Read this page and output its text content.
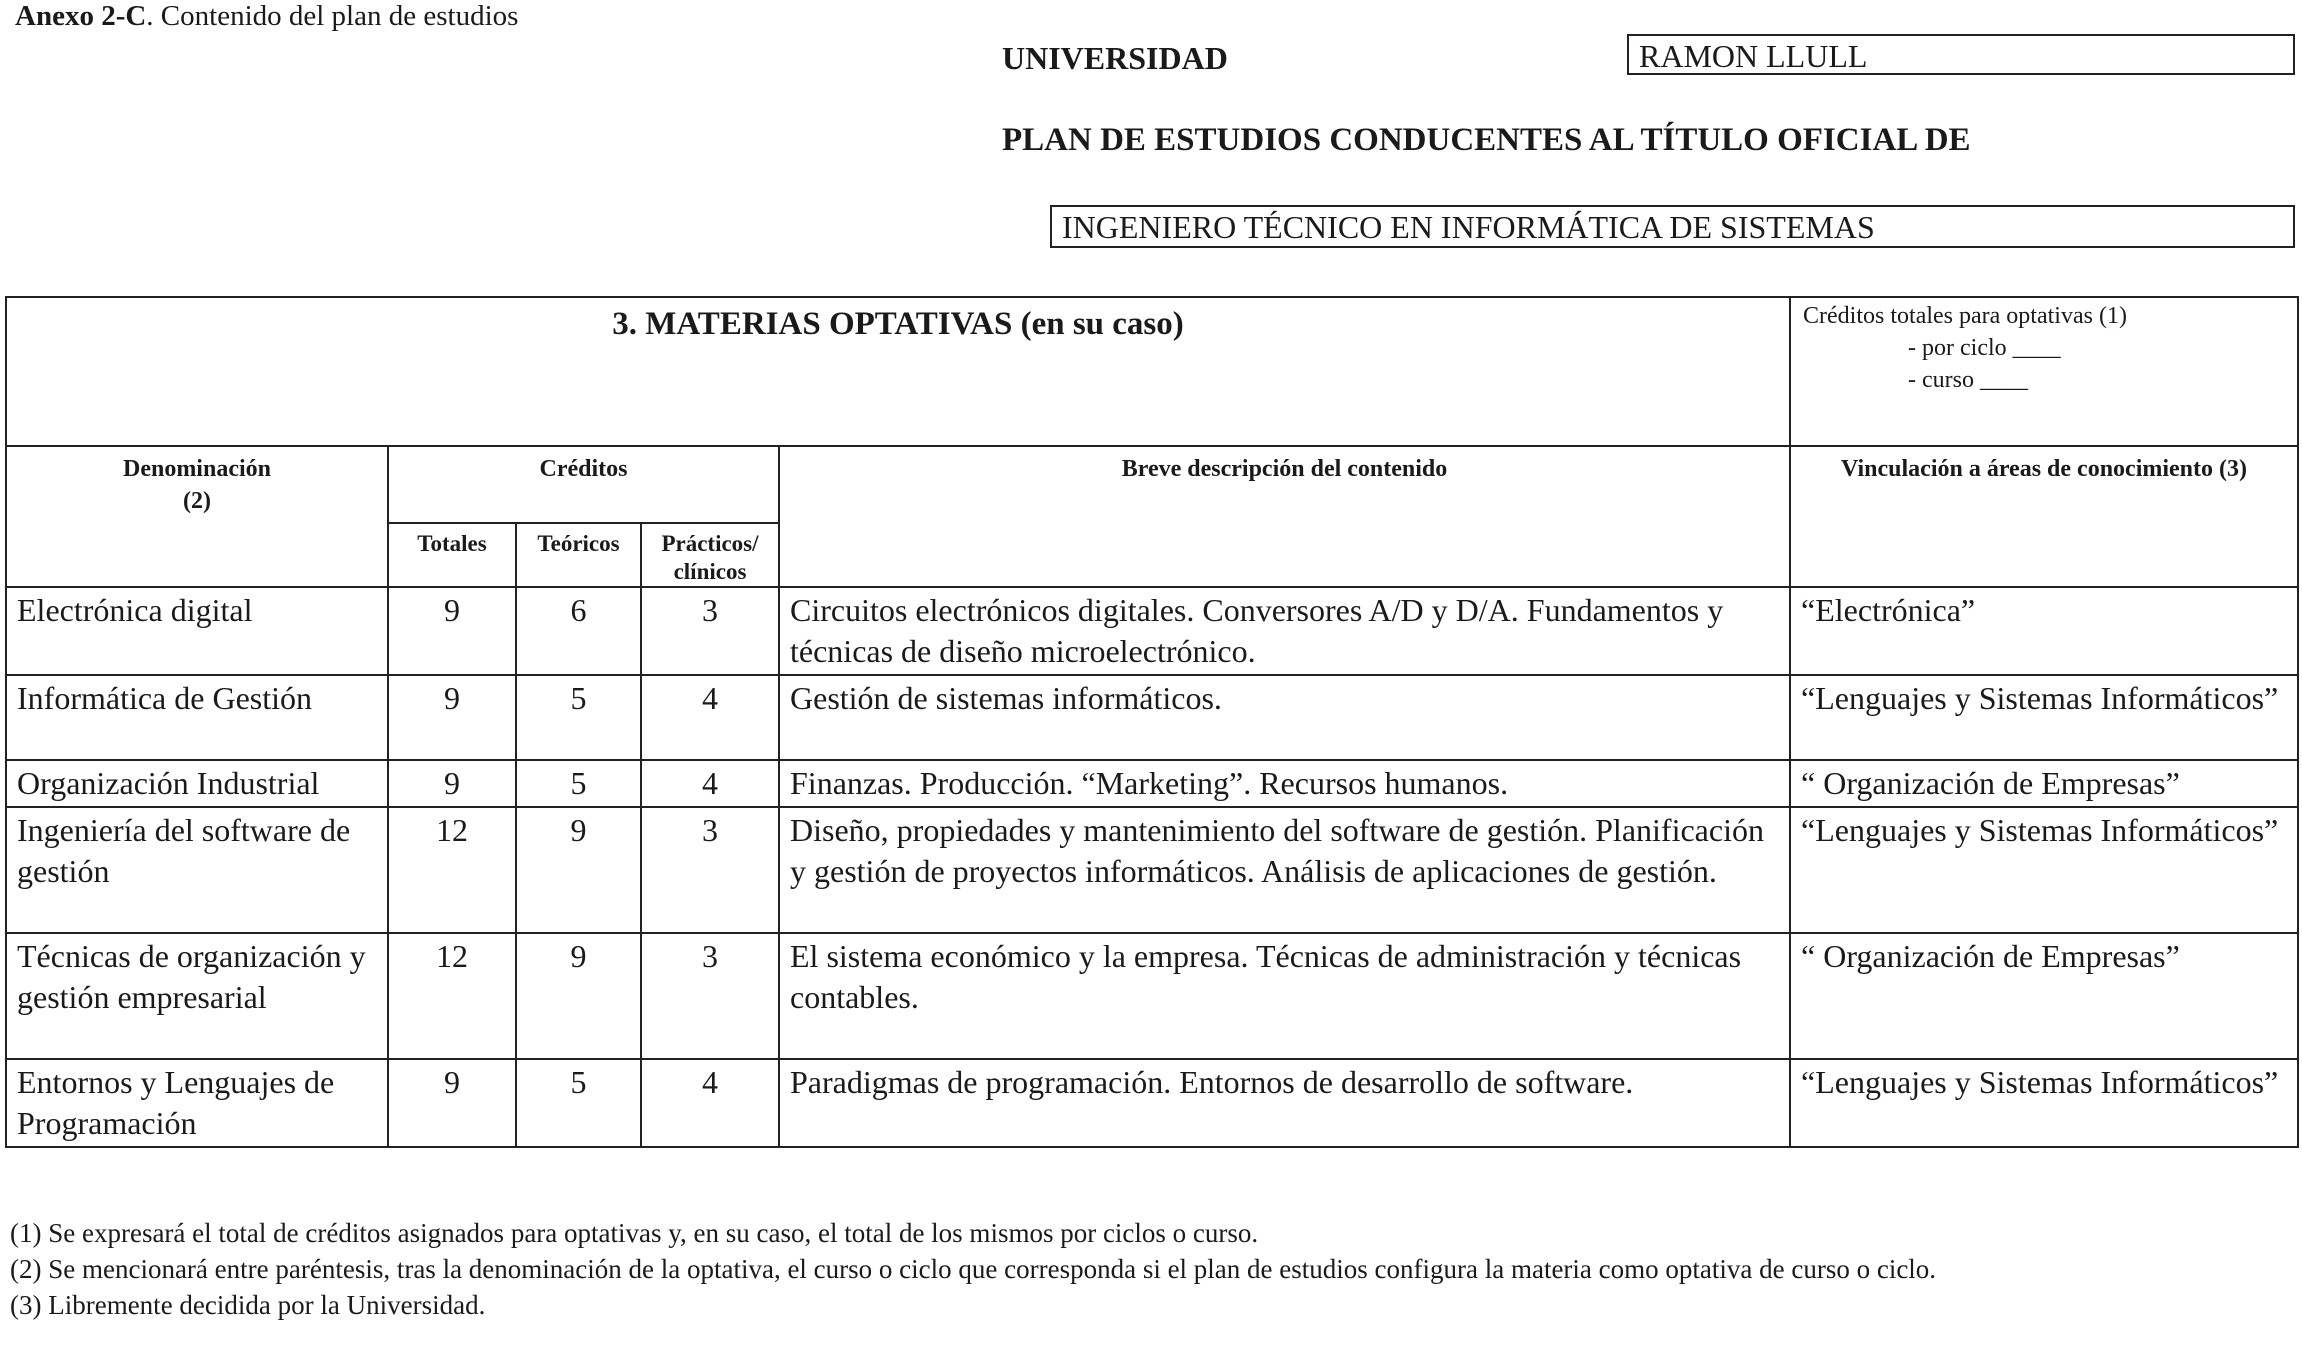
Anexo 2-C. Contenido del plan de estudios
UNIVERSIDAD	RAMON LLULL
PLAN DE ESTUDIOS CONDUCENTES AL TÍTULO OFICIAL DE
INGENIERO TÉCNICO EN INFORMÁTICA DE SISTEMAS
3. MATERIAS OPTATIVAS (en su caso)					Créditos totales para optativas (1)
- por ciclo ____
- curso ____

Denominación
(2)	Créditos			Breve descripción del contenido	Vinculación a áreas de conocimiento (3)
	Totales	Teóricos	Prácticos/ clínicos		
Electrónica digital	9	6	3	Circuitos electrónicos digitales. Conversores A/D y D/A. Fundamentos y técnicas de diseño microelectrónico.	“Electrónica”
Informática de Gestión	9	5	4	Gestión de sistemas informáticos.	“Lenguajes y Sistemas Informáticos”
Organización Industrial	9	5	4	Finanzas. Producción. “Marketing”. Recursos humanos.	“ Organización de Empresas”
Ingeniería del software de gestión	12	9	3	Diseño, propiedades y mantenimiento del software de gestión. Planificación y gestión de proyectos informáticos. Análisis de aplicaciones de gestión.	“Lenguajes y Sistemas Informáticos”
Técnicas de organización y gestión empresarial	12	9	3	El sistema económico y la empresa. Técnicas de administración y técnicas contables.	“ Organización de Empresas”
Entornos y Lenguajes de Programación	9	5	4	Paradigmas de programación. Entornos de desarrollo de software.	“Lenguajes y Sistemas Informáticos”

(1) Se expresará el total de créditos asignados para optativas y, en su caso, el total de los mismos por ciclos o curso.

(2) Se mencionará entre paréntesis, tras la denominación de la optativa, el curso o ciclo que corresponda si el plan de estudios configura la materia como optativa de curso o ciclo.

(3) Libremente decidida por la Universidad.
